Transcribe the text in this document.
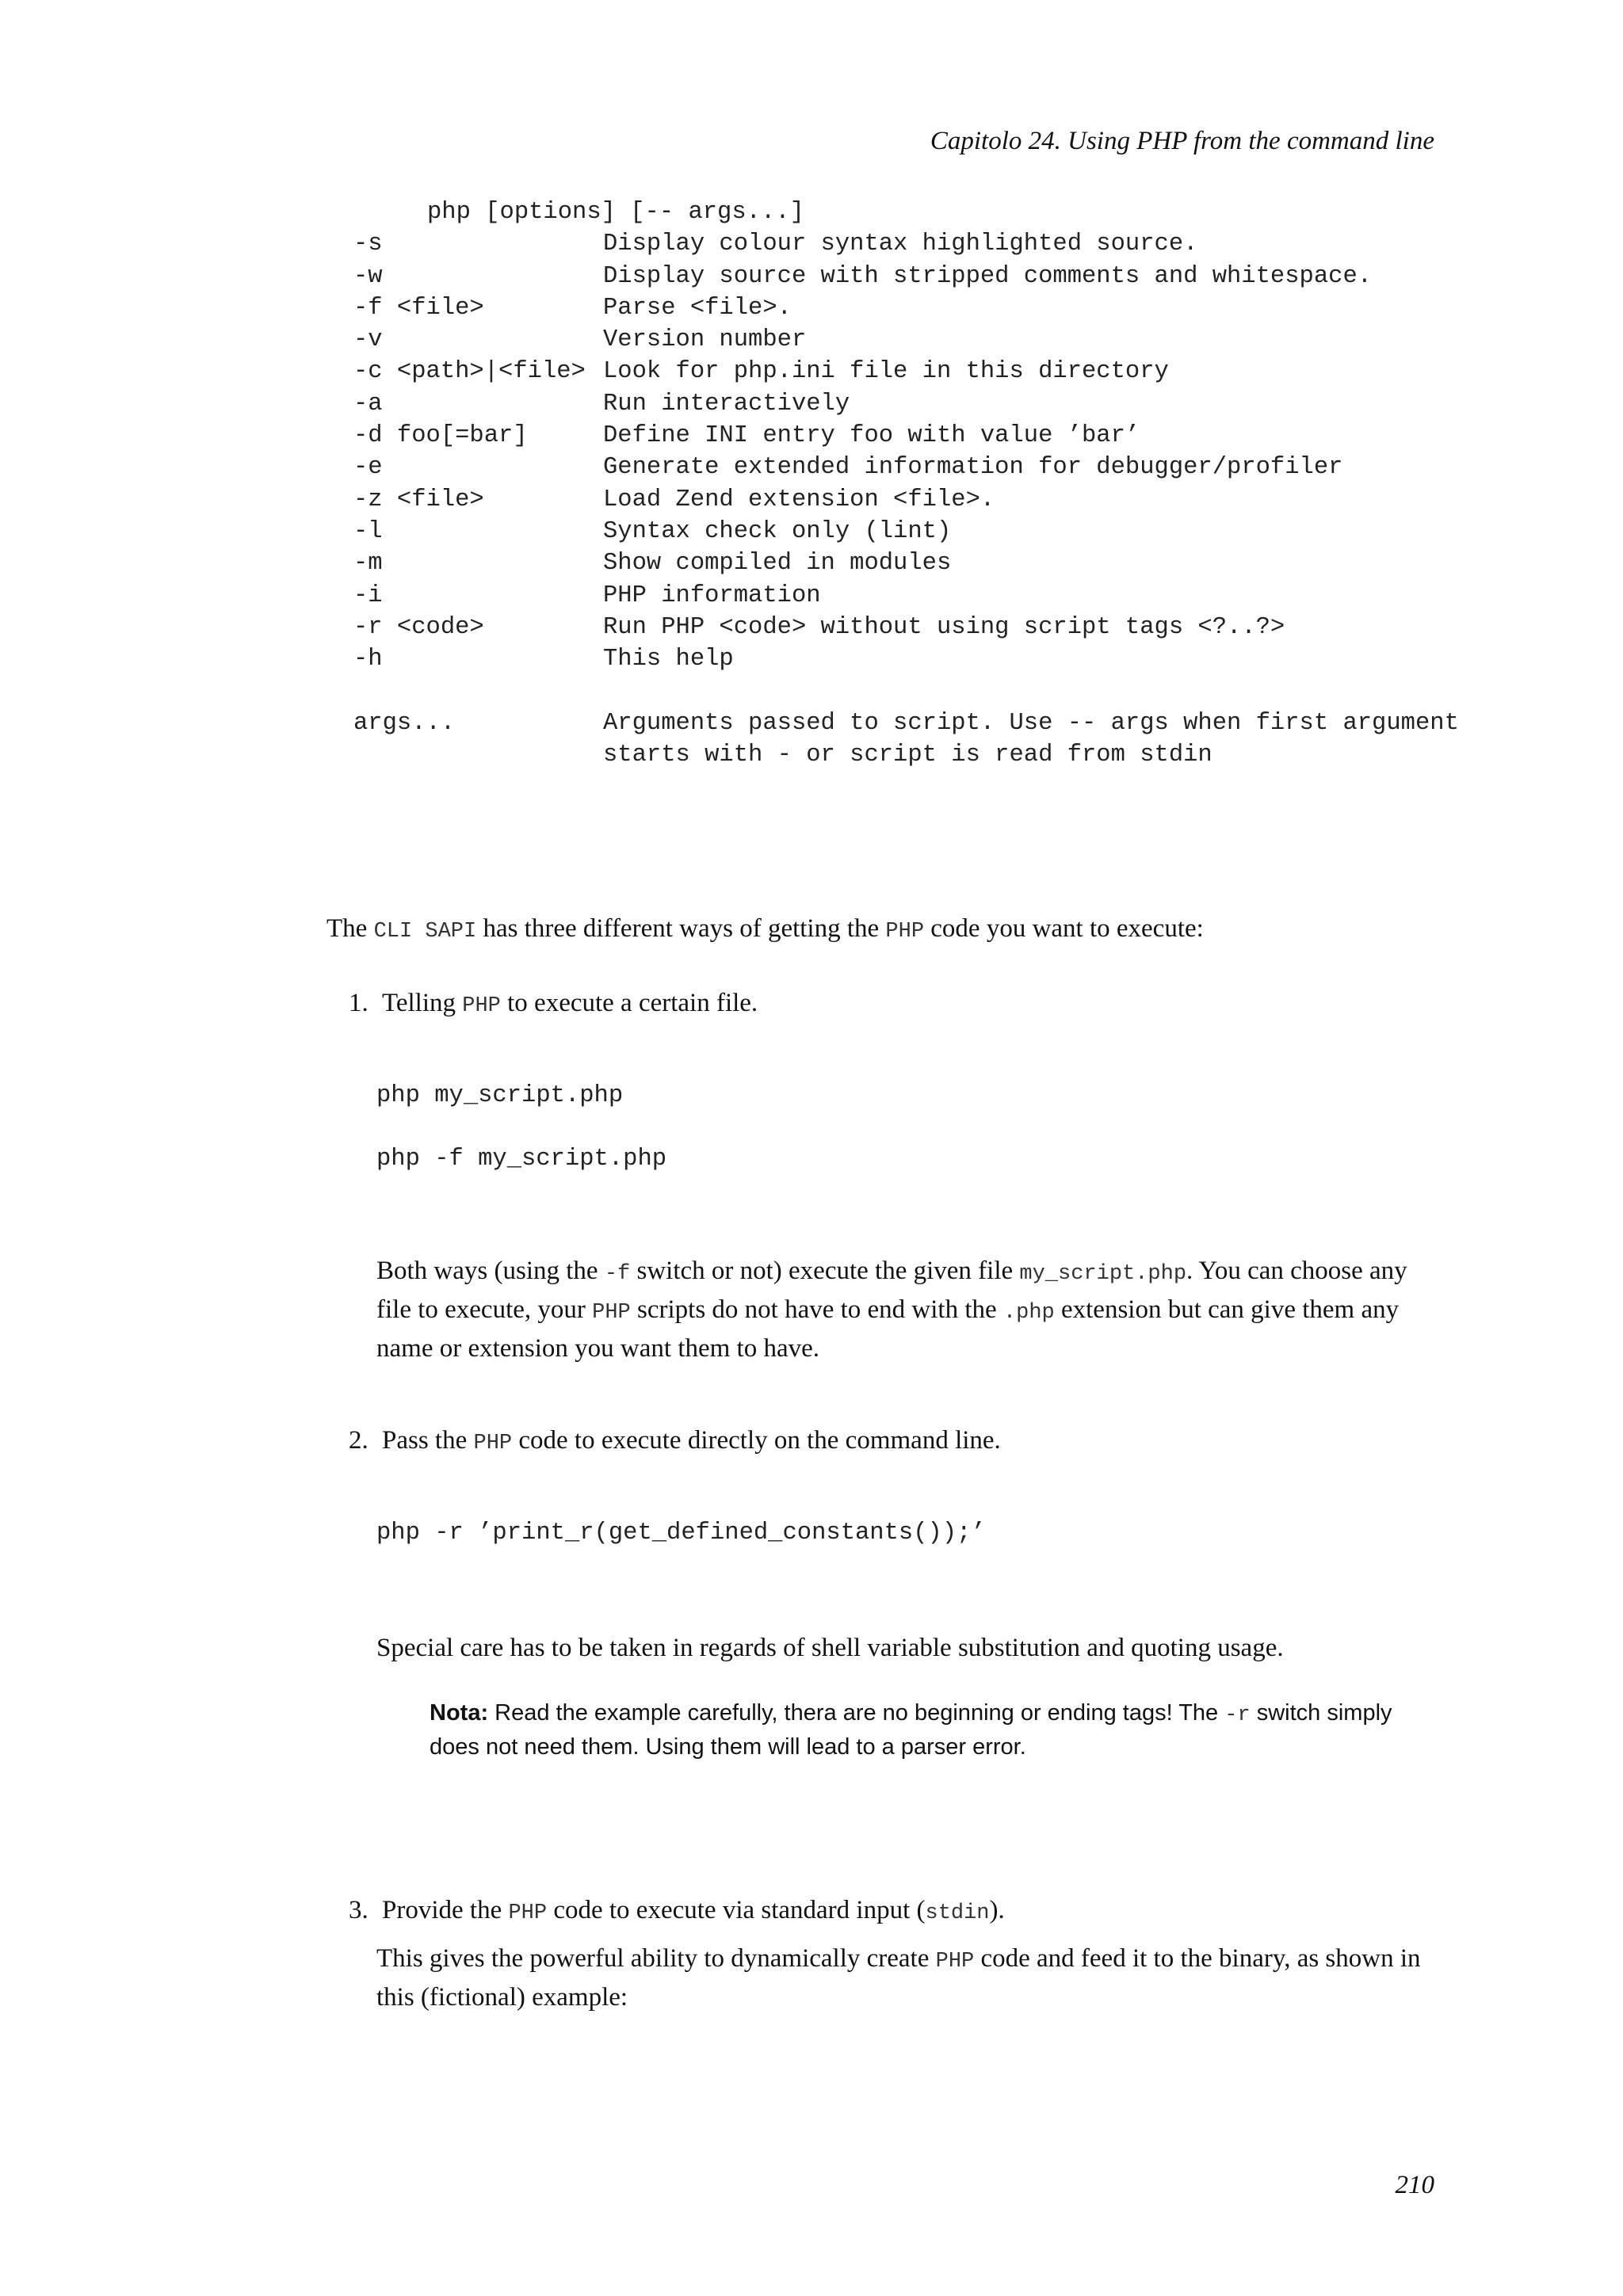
Capitolo 24. Using PHP from the command line
php [options] [-- args...]
-s	Display colour syntax highlighted source.
-w	Display source with stripped comments and whitespace.
-f <file>	Parse <file>.
-v	Version number
-c <path>|<file> Look for php.ini file in this directory
-a	Run interactively
-d foo[=bar]	Define INI entry foo with value ’bar’
-e	Generate extended information for debugger/profiler
-z <file>	Load Zend extension <file>.
-l	Syntax check only (lint)
-m	Show compiled in modules
-i	PHP information
-r <code>	Run PHP <code> without using script tags <?..?>
-h	This help

args...	Arguments passed to script. Use -- args when first argument
starts with - or script is read from stdin
The CLI SAPI has three different ways of getting the PHP code you want to execute:
1. Telling PHP to execute a certain file.
php my_script.php
php -f my_script.php
Both ways (using the -f switch or not) execute the given file my_script.php. You can choose any file to execute, your PHP scripts do not have to end with the .php extension but can give them any name or extension you want them to have.
2. Pass the PHP code to execute directly on the command line.
php -r ’print_r(get_defined_constants());’
Special care has to be taken in regards of shell variable substitution and quoting usage.
Nota: Read the example carefully, thera are no beginning or ending tags! The -r switch simply does not need them. Using them will lead to a parser error.
3. Provide the PHP code to execute via standard input (stdin).
This gives the powerful ability to dynamically create PHP code and feed it to the binary, as shown in this (fictional) example:
210
